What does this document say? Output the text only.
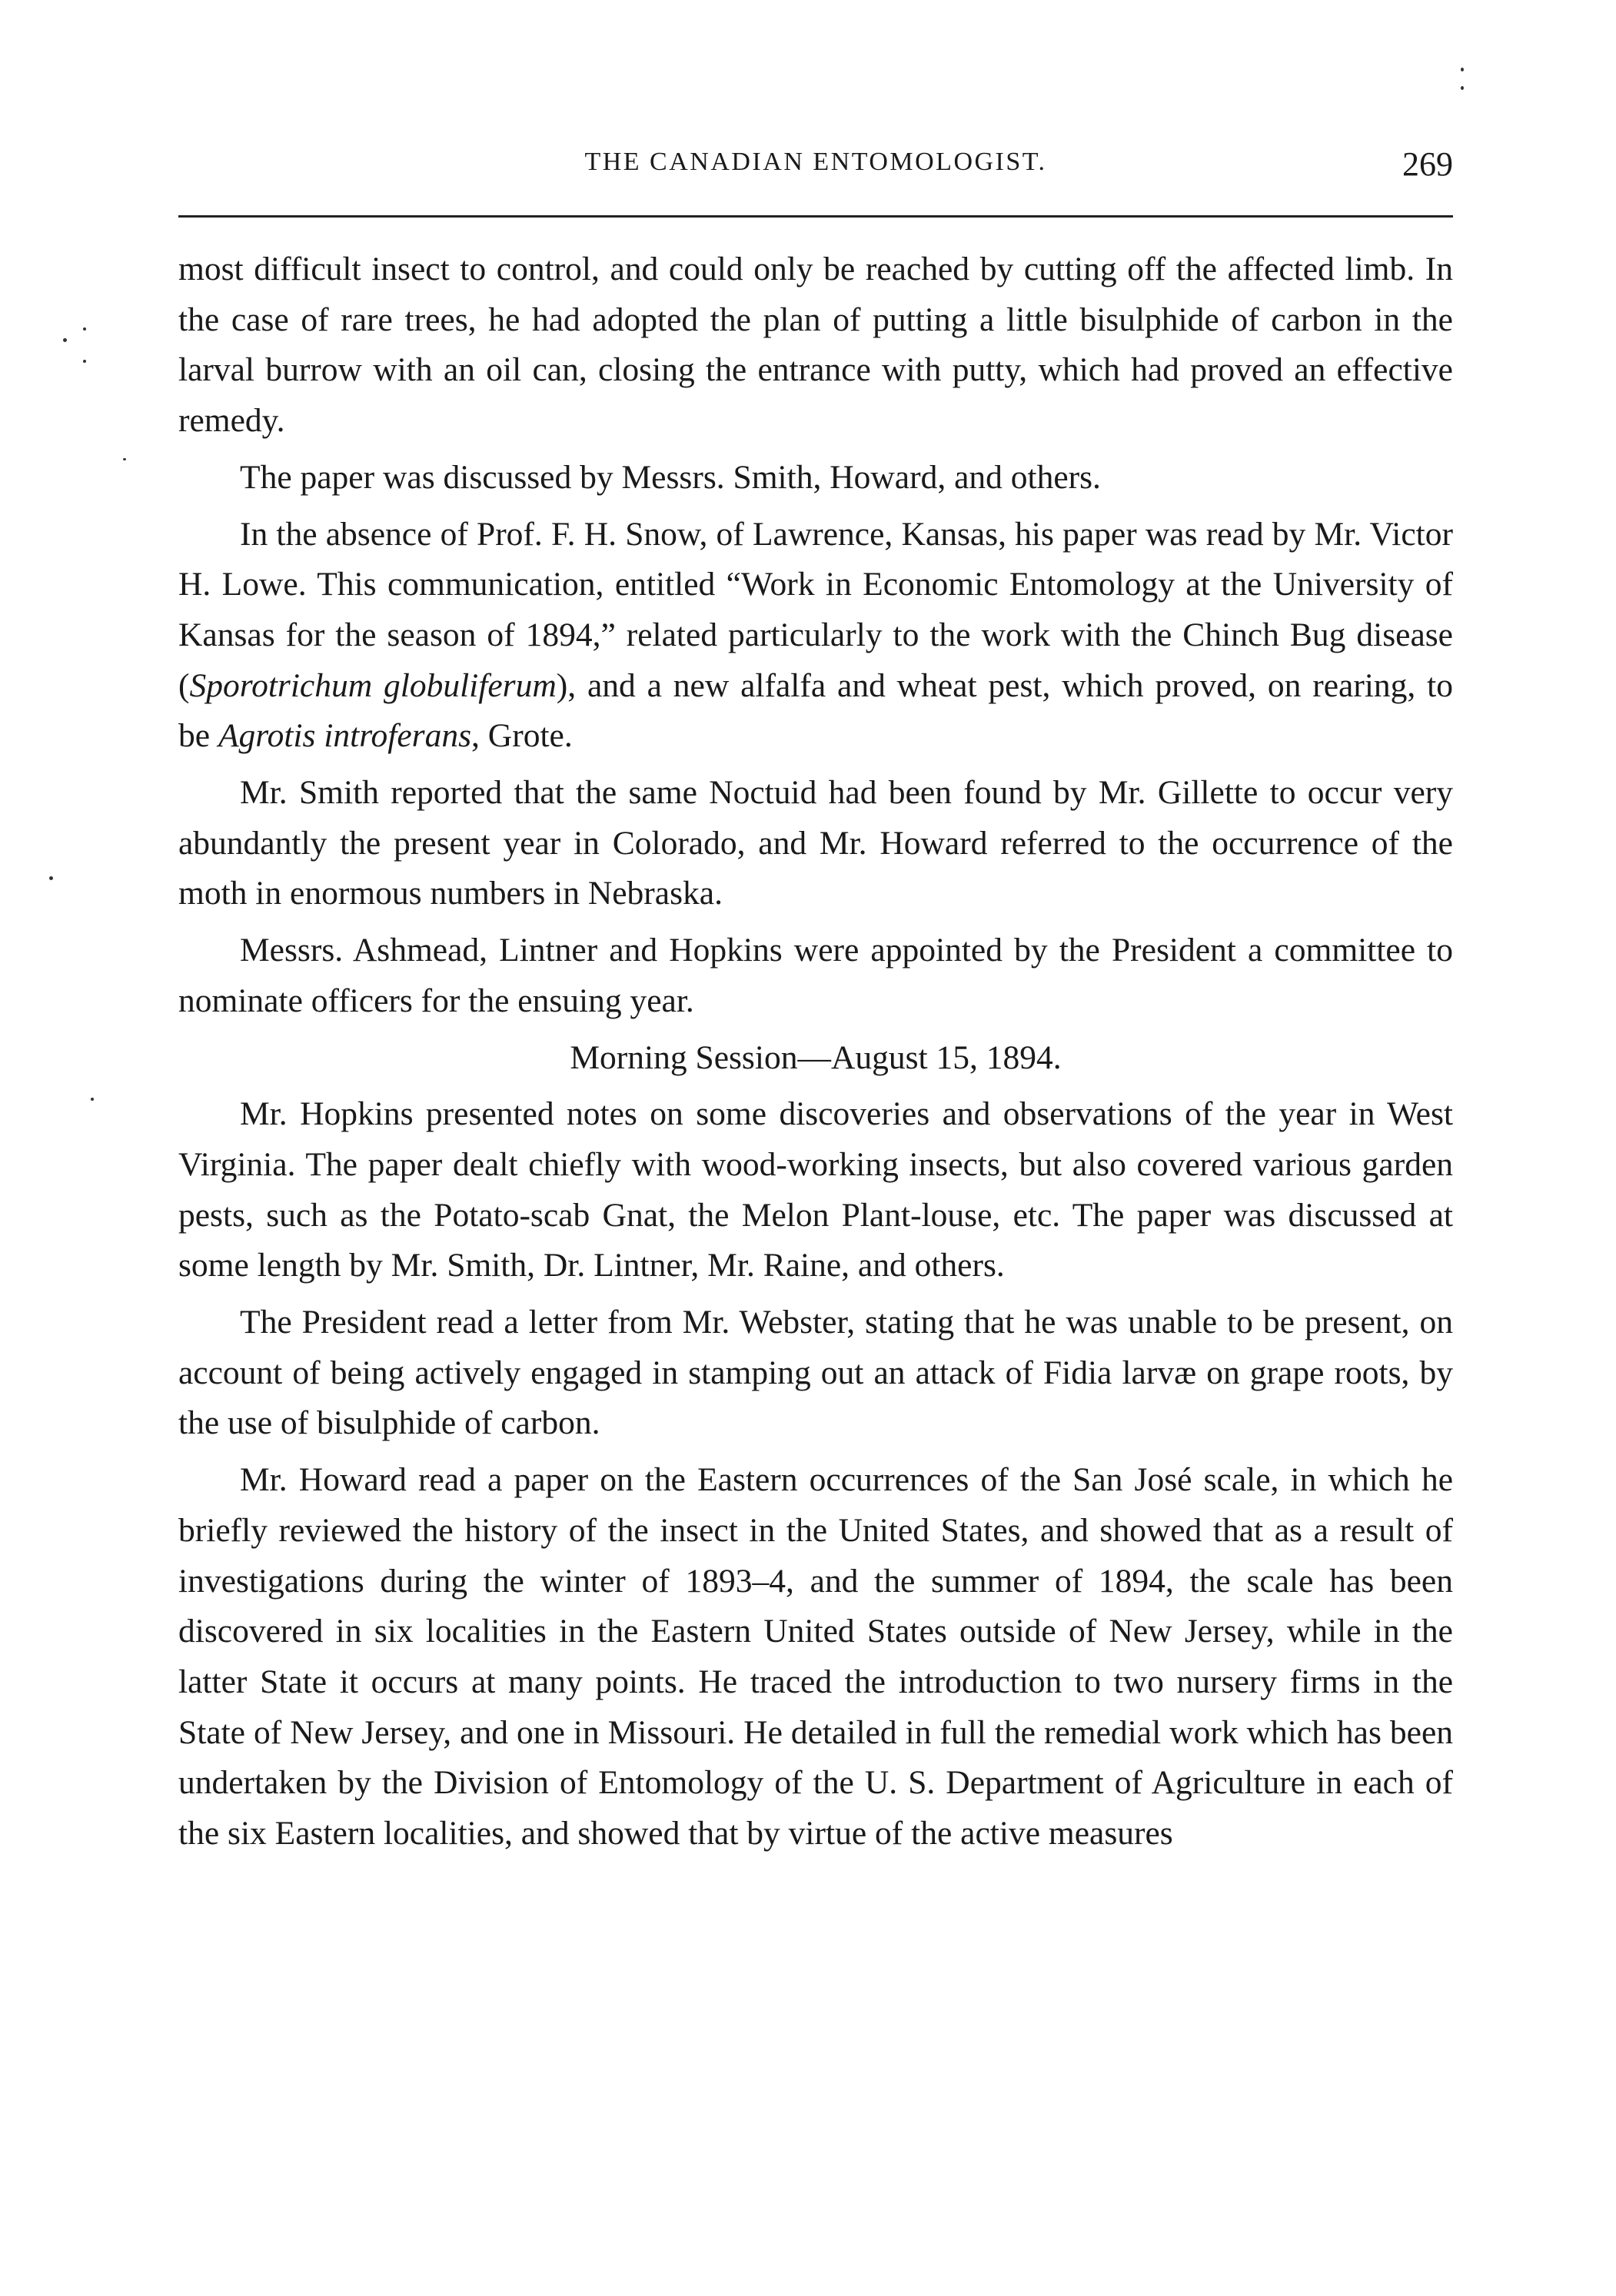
THE CANADIAN ENTOMOLOGIST.	269

most difficult insect to control, and could only be reached by cutting off the affected limb. In the case of rare trees, he had adopted the plan of putting a little bisulphide of carbon in the larval burrow with an oil can, closing the entrance with putty, which had proved an effective remedy.

The paper was discussed by Messrs. Smith, Howard, and others.

In the absence of Prof. F. H. Snow, of Lawrence, Kansas, his paper was read by Mr. Victor H. Lowe. This communication, entitled “Work in Economic Entomology at the University of Kansas for the season of 1894,” related particularly to the work with the Chinch Bug disease (Sporotrichum globuliferum), and a new alfalfa and wheat pest, which proved, on rearing, to be Agrotis introferans, Grote.

Mr. Smith reported that the same Noctuid had been found by Mr. Gillette to occur very abundantly the present year in Colorado, and Mr. Howard referred to the occurrence of the moth in enormous numbers in Nebraska.

Messrs. Ashmead, Lintner and Hopkins were appointed by the President a committee to nominate officers for the ensuing year.

Morning Session—August 15, 1894.

Mr. Hopkins presented notes on some discoveries and observations of the year in West Virginia. The paper dealt chiefly with wood-working insects, but also covered various garden pests, such as the Potato-scab Gnat, the Melon Plant-louse, etc. The paper was discussed at some length by Mr. Smith, Dr. Lintner, Mr. Raine, and others.

The President read a letter from Mr. Webster, stating that he was unable to be present, on account of being actively engaged in stamping out an attack of Fidia larvæ on grape roots, by the use of bisulphide of carbon.

Mr. Howard read a paper on the Eastern occurrences of the San José scale, in which he briefly reviewed the history of the insect in the United States, and showed that as a result of investigations during the winter of 1893–4, and the summer of 1894, the scale has been discovered in six localities in the Eastern United States outside of New Jersey, while in the latter State it occurs at many points. He traced the introduction to two nursery firms in the State of New Jersey, and one in Missouri. He detailed in full the remedial work which has been undertaken by the Division of Entomology of the U. S. Department of Agriculture in each of the six Eastern localities, and showed that by virtue of the active measures
